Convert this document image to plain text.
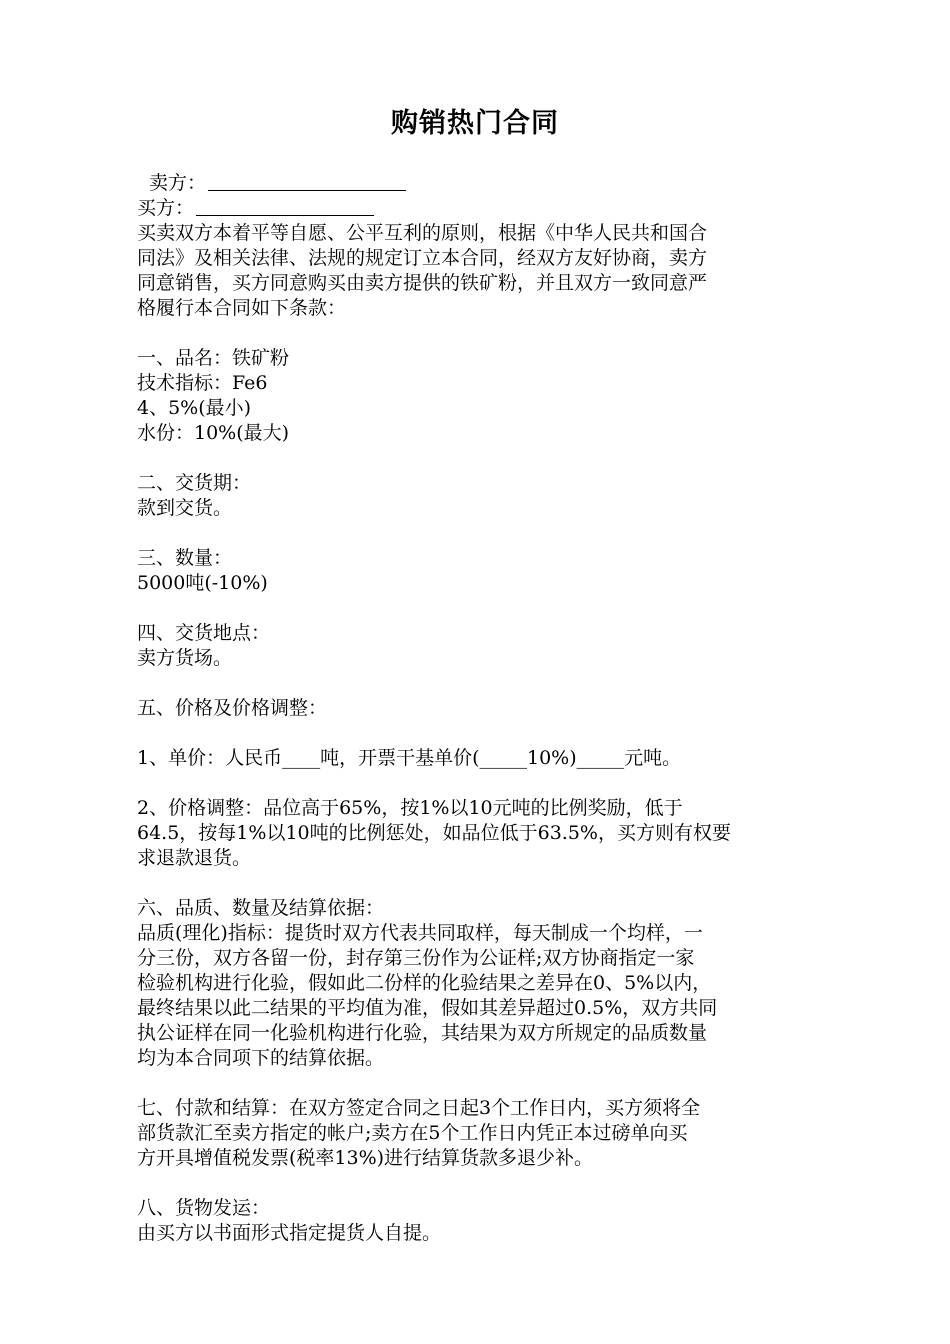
购销热门合同
卖方：
买方：
买卖双方本着平等自愿、公平互利的原则，根据《中华人民共和国合
同法》及相关法律、法规的规定订立本合同，经双方友好协商，卖方
同意销售，买方同意购买由卖方提供的铁矿粉，并且双方一致同意严
格履行本合同如下条款：
一、品名：铁矿粉
技术指标：Fe6
4、5%(最小)
水份：10%(最大)
二、交货期：
款到交货。
三、数量：
5000吨(-10%)
四、交货地点：
卖方货场。
五、价格及价格调整：
1、单价：人民币____吨，开票干基单价(_____10%)_____元吨。
2、价格调整：品位高于65%，按1%以10元吨的比例奖励，低于
64.5，按每1%以10吨的比例惩处，如品位低于63.5%，买方则有权要
求退款退货。
六、品质、数量及结算依据：
品质(理化)指标：提货时双方代表共同取样，每天制成一个均样，一
分三份，双方各留一份，封存第三份作为公证样;双方协商指定一家
检验机构进行化验，假如此二份样的化验结果之差异在0、5%以内，
最终结果以此二结果的平均值为准，假如其差异超过0.5%，双方共同
执公证样在同一化验机构进行化验，其结果为双方所规定的品质数量
均为本合同项下的结算依据。
七、付款和结算：在双方签定合同之日起3个工作日内，买方须将全
部货款汇至卖方指定的帐户;卖方在5个工作日内凭正本过磅单向买
方开具增值税发票(税率13%)进行结算货款多退少补。
八、货物发运：
由买方以书面形式指定提货人自提。
